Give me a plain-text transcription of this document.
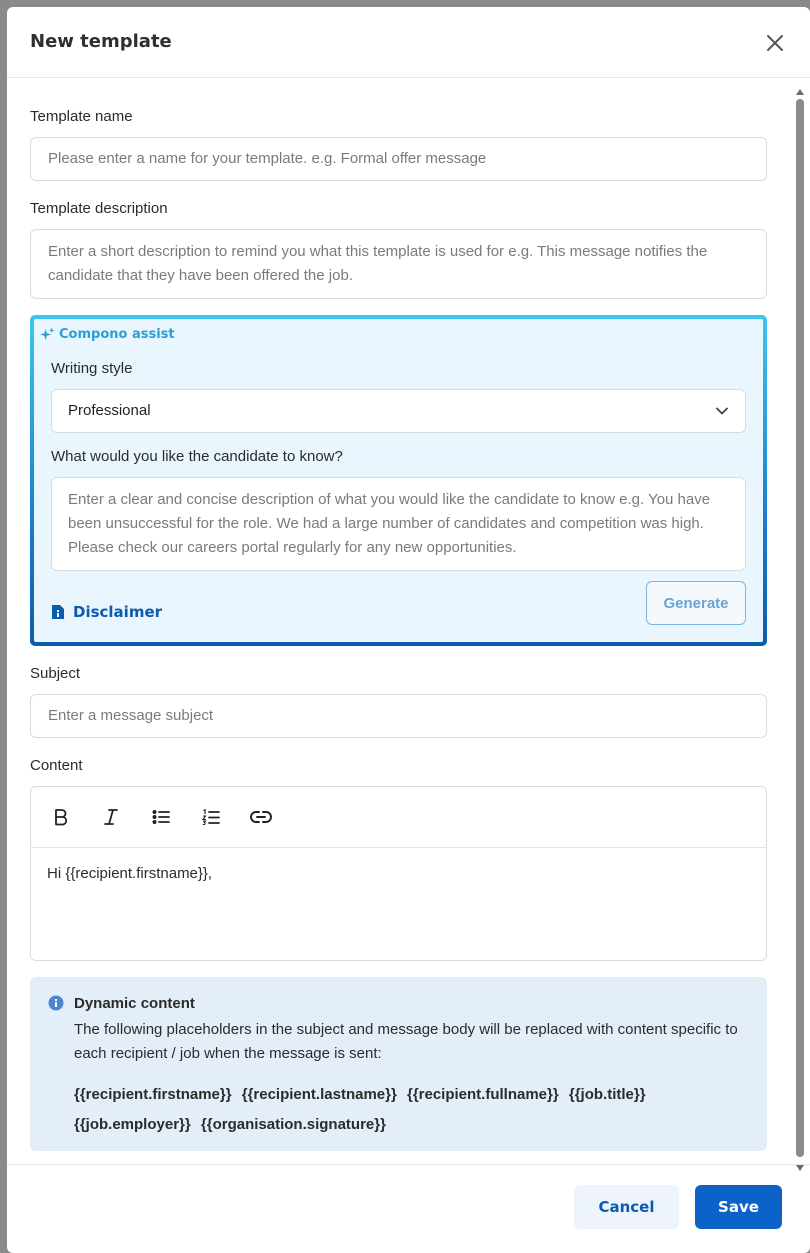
New template
Template name
Please enter a name for your template. e.g. Formal offer message
Template description
Enter a short description to remind you what this template is used for e.g. This message notifies the candidate that they have been offered the job.
Compono assist
Writing style
Professional
What would you like the candidate to know?
Enter a clear and concise description of what you would like the candidate to know e.g. You have been unsuccessful for the role. We had a large number of candidates and competition was high. Please check our careers portal regularly for any new opportunities.
Disclaimer	Generate
Subject
Enter a message subject
Content
Hi {{recipient.firstname}},
Dynamic content
The following placeholders in the subject and message body will be replaced with content specific to each recipient / job when the message is sent:
{{recipient.firstname}} {{recipient.lastname}} {{recipient.fullname}} {{job.title}} {{job.employer}} {{organisation.signature}}
Cancel	Save
